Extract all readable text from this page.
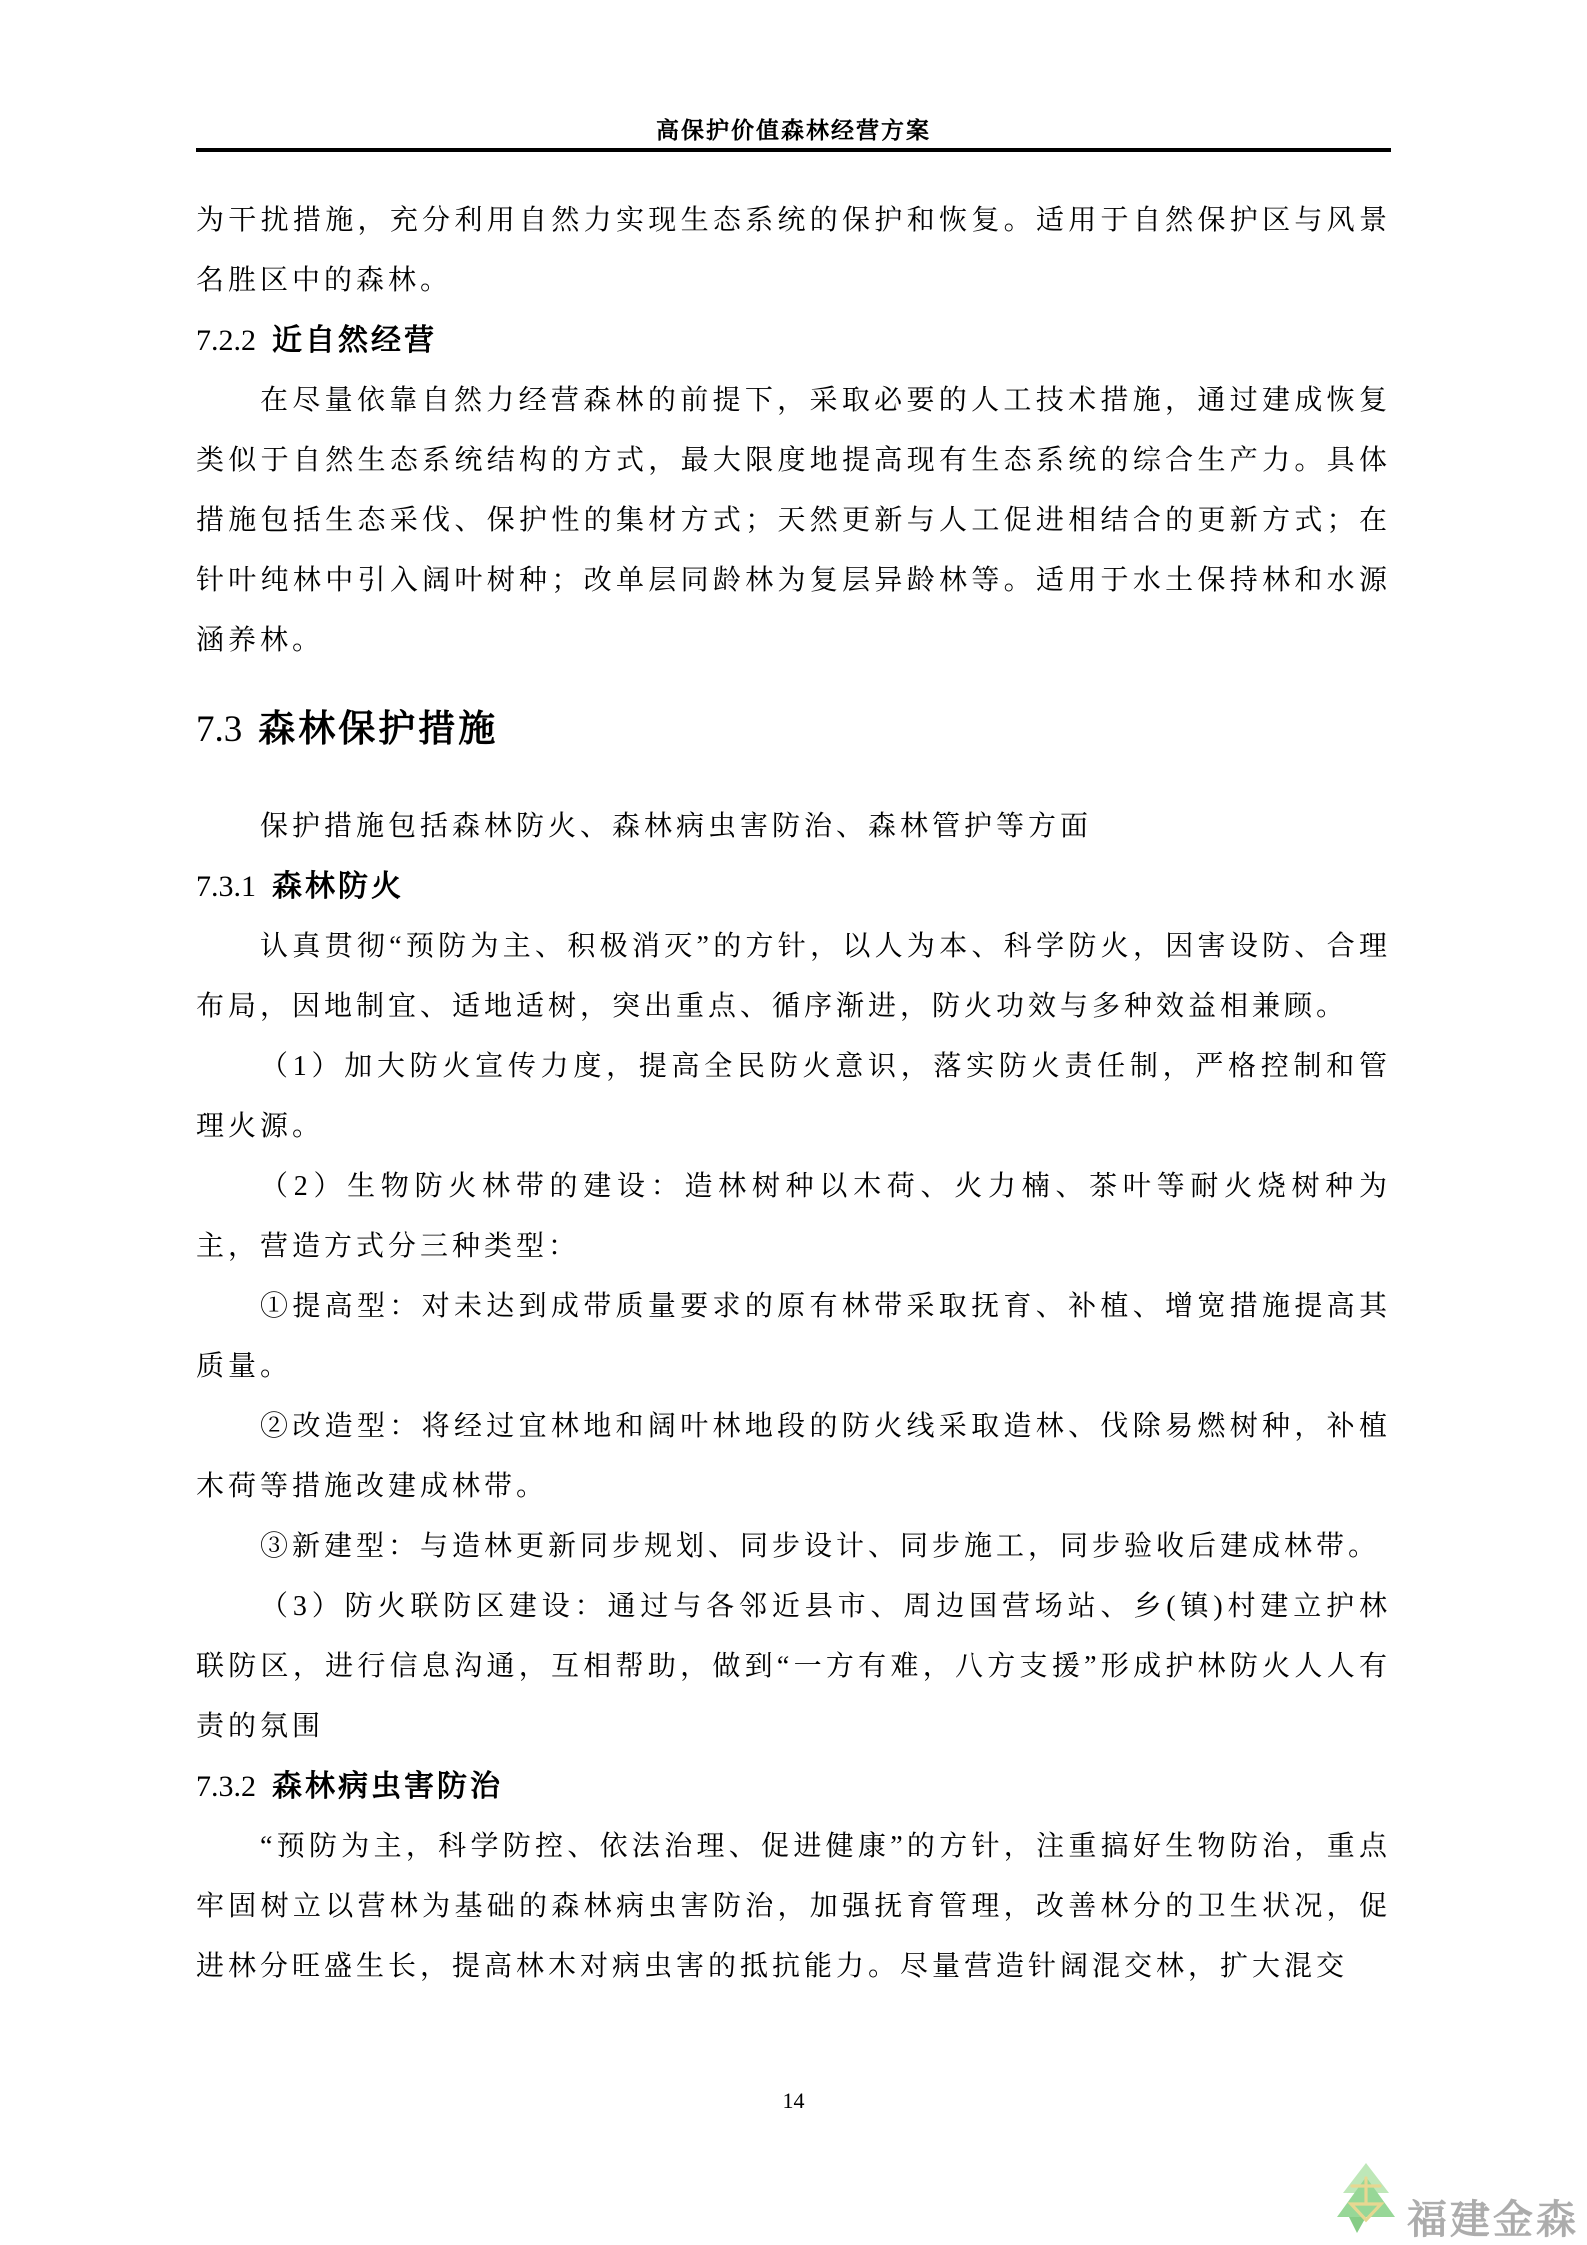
高保护价值森林经营方案

为干扰措施，充分利用自然力实现生态系统的保护和恢复。适用于自然保护区与风景名胜区中的森林。

7.2.2 近自然经营

在尽量依靠自然力经营森林的前提下，采取必要的人工技术措施，通过建成恢复类似于自然生态系统结构的方式，最大限度地提高现有生态系统的综合生产力。具体措施包括生态采伐、保护性的集材方式；天然更新与人工促进相结合的更新方式；在针叶纯林中引入阔叶树种；改单层同龄林为复层异龄林等。适用于水土保持林和水源涵养林。

7.3 森林保护措施

保护措施包括森林防火、森林病虫害防治、森林管护等方面

7.3.1 森林防火

认真贯彻“预防为主、积极消灭”的方针，以人为本、科学防火，因害设防、合理布局，因地制宜、适地适树，突出重点、循序渐进，防火功效与多种效益相兼顾。

（1）加大防火宣传力度，提高全民防火意识，落实防火责任制，严格控制和管理火源。

（2）生物防火林带的建设：造林树种以木荷、火力楠、茶叶等耐火烧树种为主，营造方式分三种类型：

①提高型：对未达到成带质量要求的原有林带采取抚育、补植、增宽措施提高其质量。

②改造型：将经过宜林地和阔叶林地段的防火线采取造林、伐除易燃树种，补植木荷等措施改建成林带。

③新建型：与造林更新同步规划、同步设计、同步施工，同步验收后建成林带。

（3）防火联防区建设：通过与各邻近县市、周边国营场站、乡(镇)村建立护林联防区，进行信息沟通，互相帮助，做到“一方有难，八方支援”形成护林防火人人有责的氛围

7.3.2 森林病虫害防治

“预防为主，科学防控、依法治理、促进健康”的方针，注重搞好生物防治，重点牢固树立以营林为基础的森林病虫害防治，加强抚育管理，改善林分的卫生状况，促进林分旺盛生长，提高林木对病虫害的抵抗能力。尽量营造针阔混交林，扩大混交

14
福建金森
